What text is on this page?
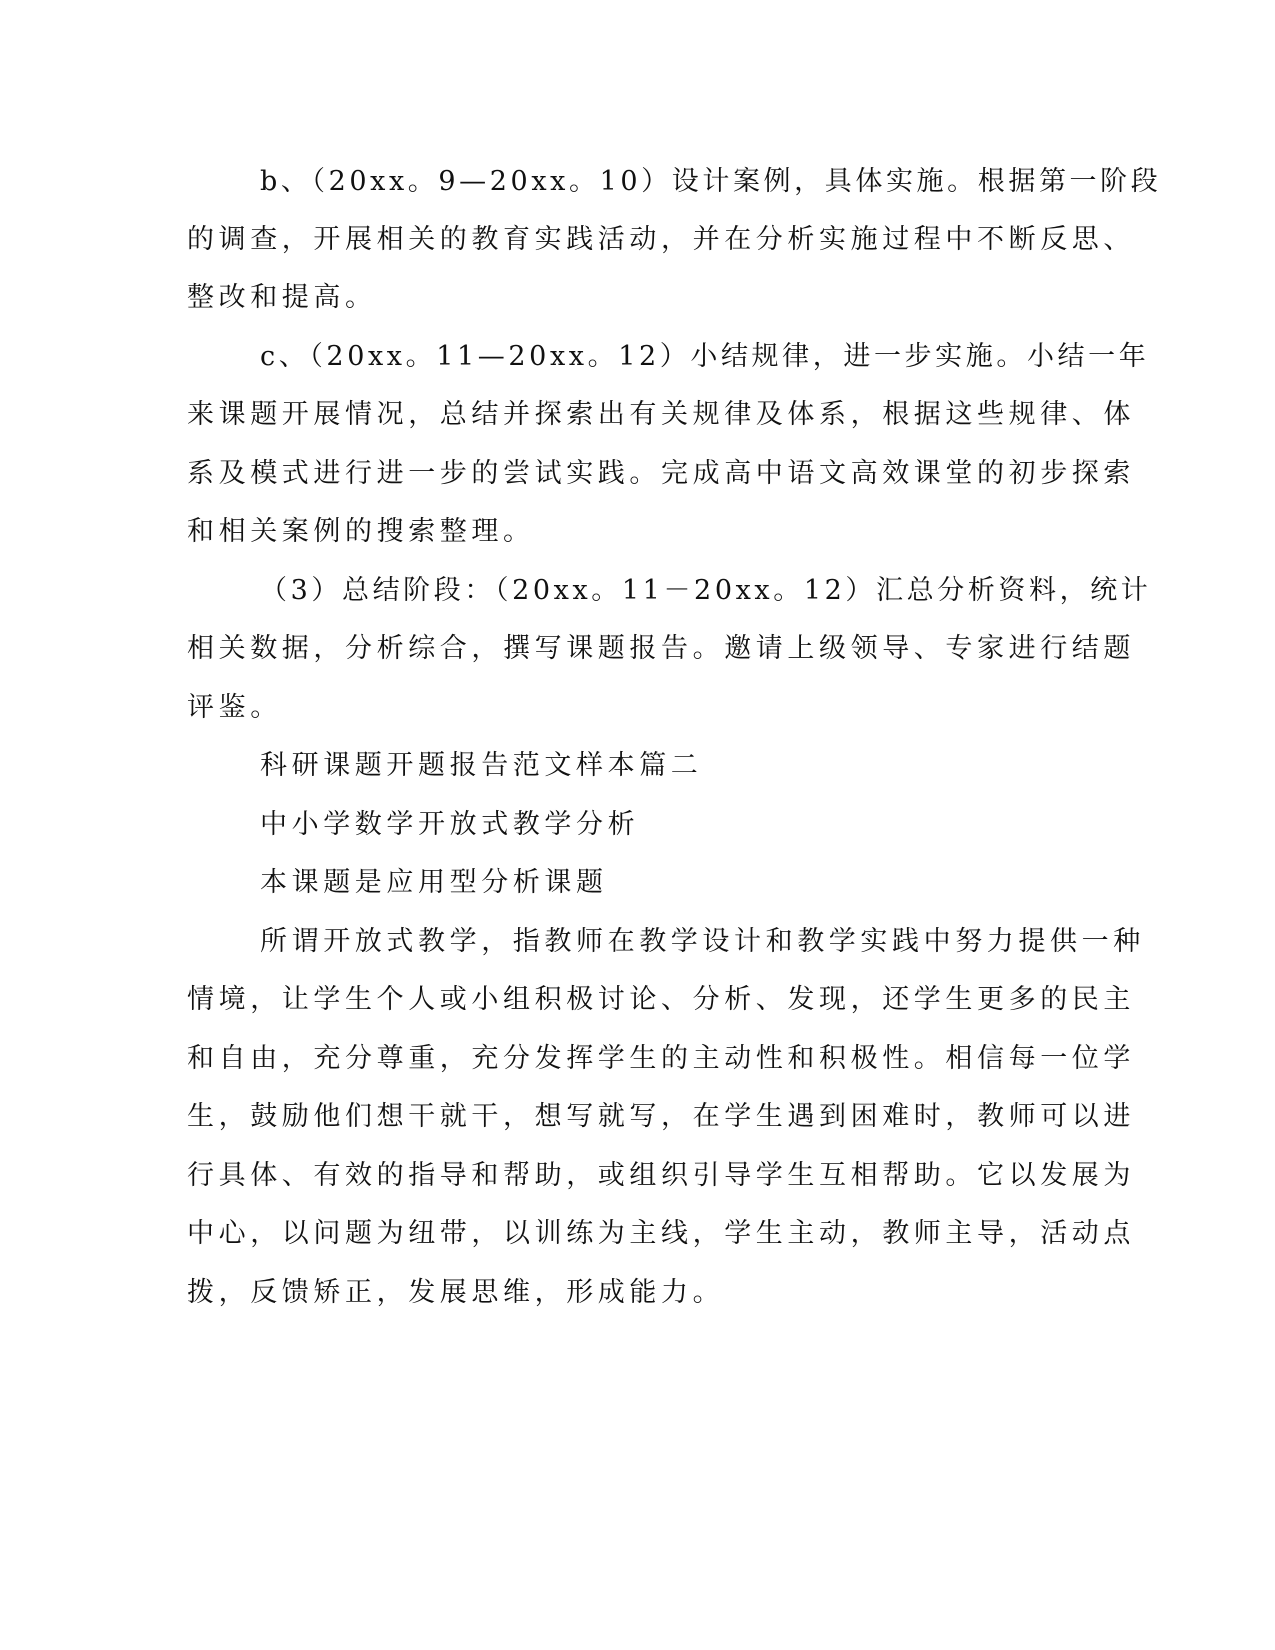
b、（20xx。9—20xx。10）设计案例，具体实施。根据第一阶段
的调查，开展相关的教育实践活动，并在分析实施过程中不断反思、
整改和提高。
c、（20xx。11—20xx。12）小结规律，进一步实施。小结一年
来课题开展情况，总结并探索出有关规律及体系，根据这些规律、体
系及模式进行进一步的尝试实践。完成高中语文高效课堂的初步探索
和相关案例的搜索整理。
（3）总结阶段：（20xx。11－20xx。12）汇总分析资料，统计
相关数据，分析综合，撰写课题报告。邀请上级领导、专家进行结题
评鉴。
科研课题开题报告范文样本篇二
中小学数学开放式教学分析
本课题是应用型分析课题
所谓开放式教学，指教师在教学设计和教学实践中努力提供一种
情境，让学生个人或小组积极讨论、分析、发现，还学生更多的民主
和自由，充分尊重，充分发挥学生的主动性和积极性。相信每一位学
生，鼓励他们想干就干，想写就写，在学生遇到困难时，教师可以进
行具体、有效的指导和帮助，或组织引导学生互相帮助。它以发展为
中心，以问题为纽带，以训练为主线，学生主动，教师主导，活动点
拨，反馈矫正，发展思维，形成能力。
